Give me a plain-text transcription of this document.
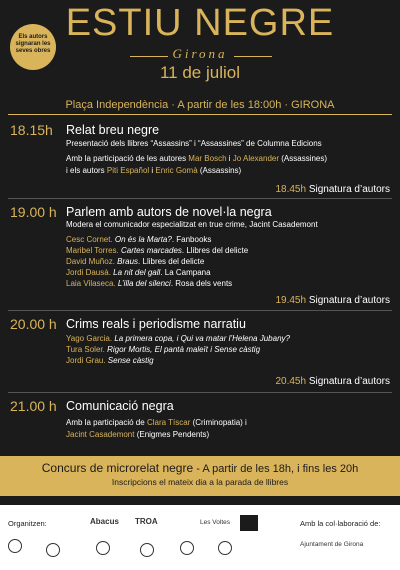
Els autors signaran les seves obres
ESTIU NEGRE
Girona
11 de juliol
Plaça Independència · A partir de les 18:00h · GIRONA
18.15h Relat breu negre
Presentació dels llibres “Assassins” i “Assassines” de Columna Edicions
Amb la participació de les autores Mar Bosch i Jo Alexander (Assassines)
i els autors Piti Español i Enric Gomà (Assassins)
18.45h Signatura d’autors
19.00 h Parlem amb autors de novel·la negra
Modera el comunicador especialitzat en true crime, Jacint Casademont
Cesc Cornet. On és la Marta?. Fanbooks
Maribel Torres. Cartes marcades. Llibres del delicte
David Muñoz. Braus. Llibres del delicte
Jordi Dausà. La nit del gall. La Campana
Laia Vilaseca. L’illa del silenci. Rosa dels vents
19.45h Signatura d’autors
20.00 h Crims reals i periodisme narratiu
Yago Garcia. La primera copa, i Qui va matar l’Helena Jubany?
Tura Soler. Rigor Mortis, El pantà maleït i Sense càstig
Jordi Grau. Sense càstig
20.45h Signatura d’autors
21.00 h Comunicació negra
Amb la participació de Clara Tíscar (Criminopatia) i
Jacint Casademont (Enigmes Pendents)
Concurs de microrelat negre - A partir de les 18h, i fins les 20h
Inscripcions el mateix dia a la parada de llibres
Organitzen:	Abacus TROA	Les Voltes	Amb la col·laboració de:
Ajuntament de Girona
